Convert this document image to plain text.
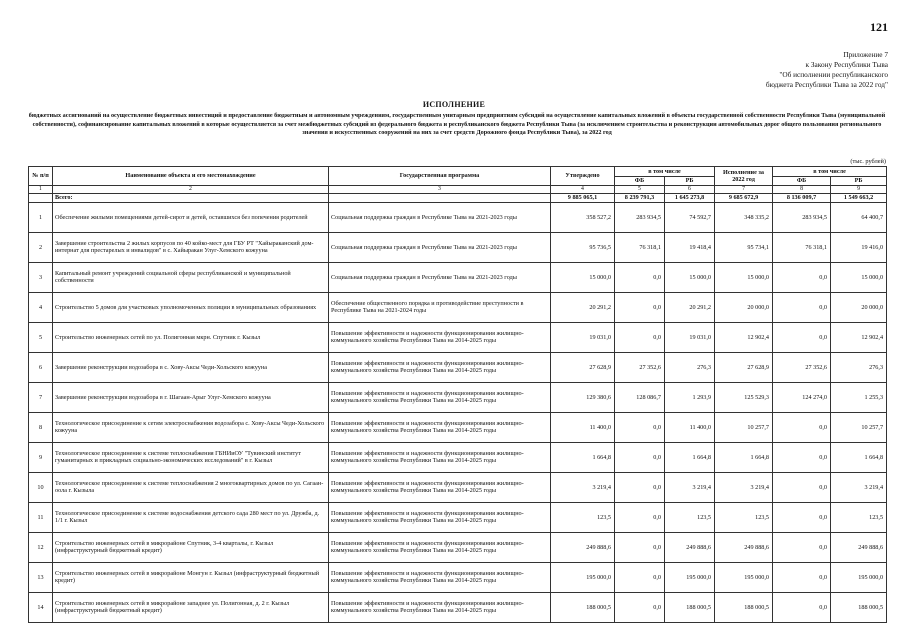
121
Приложение 7
к Закону Республики Тыва
"Об исполнении республиканского
бюджета Республики Тыва за 2022 год"
ИСПОЛНЕНИЕ
бюджетных ассигнований на осуществление бюджетных инвестиций и предоставление бюджетным и автономным учреждениям, государственным унитарным предприятиям субсидий на осуществление капитальных вложений в объекты государственной собственности Республики Тыва (муниципальной собственности), софинансирование капитальных вложений в которые осуществляется за счет межбюджетных субсидий из федерального бюджета и республиканского бюджета Республики Тыва (за исключением строительства и реконструкции автомобильных дорог общего пользования регионального значения и искусственных сооружений на них за счет средств Дорожного фонда Республики Тыва), за 2022 год
(тыс. рублей)
№ п/п	Наименование объекта и его местонахождение	Государственная программа	Утверждено	в том числе		Исполнение за 2022 год	в том числе	
				ФБ	РБ		ФБ	РБ
1	2	3	4	5	6	7	8	9
	Всего:		9 885 065,1	8 239 791,3	1 645 273,8	9 685 672,9	8 136 009,7	1 549 663,2
1	Обеспечение жилыми помещениями детей-сирот и детей, оставшихся без попечения родителей	Социальная поддержка граждан в Республике Тыва на 2021-2023 годы	358 527,2	283 934,5	74 592,7	348 335,2	283 934,5	64 400,7
2	Завершение строительства 2 жилых корпусов по 40 койко-мест для ГБУ РТ "Хайыраканский дом-интернат для престарелых и инвалидов" в с. Хайыракан Улуг-Хемского кожууна	Социальная поддержка граждан в Республике Тыва на 2021-2023 годы	95 736,5	76 318,1	19 418,4	95 734,1	76 318,1	19 416,0
3	Капитальный ремонт учреждений социальной сферы республиканской и муниципальной собственности	Социальная поддержка граждан в Республике Тыва на 2021-2023 годы	15 000,0	0,0	15 000,0	15 000,0	0,0	15 000,0
4	Строительство 5 домов для участковых уполномоченных полиции в муниципальных образованиях	Обеспечение общественного порядка и противодействие преступности в Республике Тыва на 2021-2024 годы	20 291,2	0,0	20 291,2	20 000,0	0,0	20 000,0
5	Строительство инженерных сетей по ул. Полигонная мкрн. Спутник г. Кызыл	Повышение эффективности и надежности функционирования жилищно-коммунального хозяйства Республики Тыва на 2014-2025 годы	19 031,0	0,0	19 031,0	12 902,4	0,0	12 902,4
6	Завершение реконструкции водозабора в с. Хову-Аксы Чеди-Хольского кожууна	Повышение эффективности и надежности функционирования жилищно-коммунального хозяйства Республики Тыва на 2014-2025 годы	27 628,9	27 352,6	276,3	27 628,9	27 352,6	276,3
7	Завершение реконструкции водозабора в г. Шагаан-Арыг Улуг-Хемского кожууна	Повышение эффективности и надежности функционирования жилищно-коммунального хозяйства Республики Тыва на 2014-2025 годы	129 380,6	128 086,7	1 293,9	125 529,3	124 274,0	1 255,3
8	Технологическое присоединение к сетям электроснабжения водозабора с. Хову-Аксы Чеди-Хольского кожууна	Повышение эффективности и надежности функционирования жилищно-коммунального хозяйства Республики Тыва на 2014-2025 годы	11 400,0	0,0	11 400,0	10 257,7	0,0	10 257,7
9	Технологическое присоединение к системе теплоснабжения ГБНИиОУ "Тувинский институт гуманитарных и прикладных социально-экономических исследований" в г. Кызыл	Повышение эффективности и надежности функционирования жилищно-коммунального хозяйства Республики Тыва на 2014-2025 годы	1 664,8	0,0	1 664,8	1 664,8	0,0	1 664,8
10	Технологическое присоединение к системе теплоснабжения 2 многоквартирных домов по ул. Сагаан-оола г. Кызыла	Повышение эффективности и надежности функционирования жилищно-коммунального хозяйства Республики Тыва на 2014-2025 годы	3 219,4	0,0	3 219,4	3 219,4	0,0	3 219,4
11	Технологическое присоединение к системе водоснабжения детского сада 280 мест по ул. Дружба, д. 1/1 г. Кызыл	Повышение эффективности и надежности функционирования жилищно-коммунального хозяйства Республики Тыва на 2014-2025 годы	123,5	0,0	123,5	123,5	0,0	123,5
12	Строительство инженерных сетей в микрорайоне Спутник, 3-4 кварталы, г. Кызыл (инфраструктурный бюджетный кредит)	Повышение эффективности и надежности функционирования жилищно-коммунального хозяйства Республики Тыва на 2014-2025 годы	249 888,6	0,0	249 888,6	249 888,6	0,0	249 888,6
13	Строительство инженерных сетей в микрорайоне Монгун г. Кызыл (инфраструктурный бюджетный кредит)	Повышение эффективности и надежности функционирования жилищно-коммунального хозяйства Республики Тыва на 2014-2025 годы	195 000,0	0,0	195 000,0	195 000,0	0,0	195 000,0
14	Строительство инженерных сетей в микрорайоне западнее ул. Полигонная, д. 2 г. Кызыл (инфраструктурный бюджетный кредит)	Повышение эффективности и надежности функционирования жилищно-коммунального хозяйства Республики Тыва на 2014-2025 годы	188 000,5	0,0	188 000,5	188 000,5	0,0	188 000,5
